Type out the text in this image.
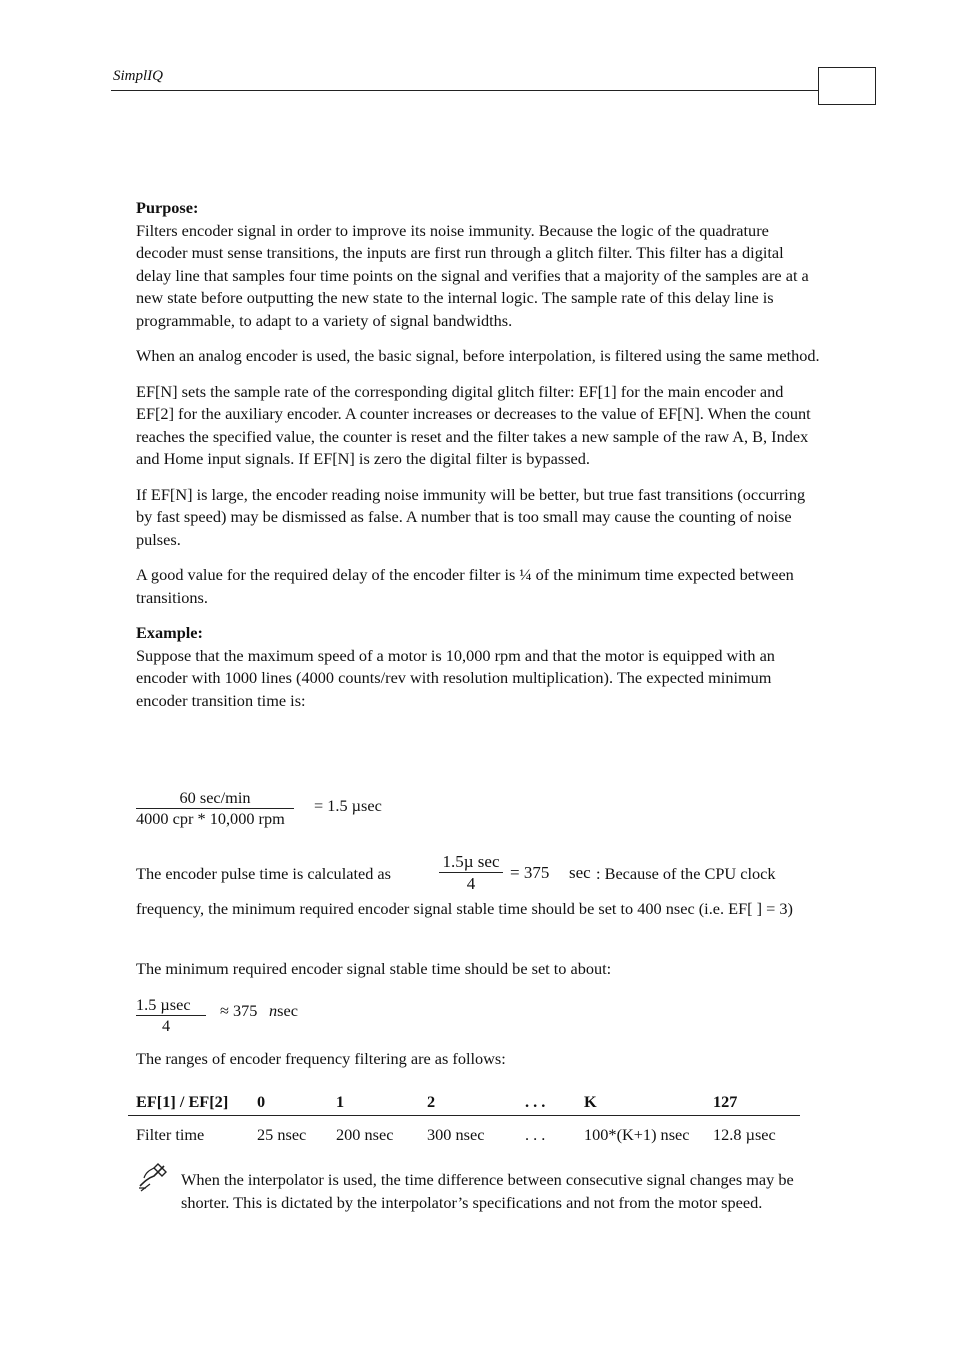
SimplIQ
Purpose:

Filters encoder signal in order to improve its noise immunity. Because the logic of the quadrature decoder must sense transitions, the inputs are first run through a glitch filter. This filter has a digital delay line that samples four time points on the signal and verifies that a majority of the samples are at a new state before outputting the new state to the internal logic. The sample rate of this delay line is programmable, to adapt to a variety of signal bandwidths.

When an analog encoder is used, the basic signal, before interpolation, is filtered using the same method.

EF[N] sets the sample rate of the corresponding digital glitch filter: EF[1] for the main encoder and EF[2] for the auxiliary encoder. A counter increases or decreases to the value of EF[N]. When the count reaches the specified value, the counter is reset and the filter takes a new sample of the raw A, B, Index and Home input signals. If EF[N] is zero the digital filter is bypassed.

If EF[N] is large, the encoder reading noise immunity will be better, but true fast transitions (occurring by fast speed) may be dismissed as false. A number that is too small may cause the counting of noise pulses.

A good value for the required delay of the encoder filter is ¼ of the minimum time expected between transitions.

Example:

Suppose that the maximum speed of a motor is 10,000 rpm and that the motor is equipped with an encoder with 1000 lines (4000 counts/rev with resolution multiplication). The expected minimum encoder transition time is:

60 sec/min
4000 cpr * 10,000 rpm
= 1.5 µsec
The encoder pulse time is calculated as
1.5µ sec
4
= 375 sec : Because of the CPU clock
frequency, the minimum required encoder signal stable time should be set to 400 nsec (i.e. EF[ ] = 3)
The minimum required encoder signal stable time should be set to about:
1.5 µsec
4
≈ 375 nsec
The ranges of encoder frequency filtering are as follows:
EF[1] / EF[2]	0	1	2	. . .	K	127
Filter time	25 nsec	200 nsec	300 nsec	. . .	100*(K+1) nsec	12.8 µsec
When the interpolator is used, the time difference between consecutive signal changes may be shorter. This is dictated by the interpolator’s specifications and not from the motor speed.
